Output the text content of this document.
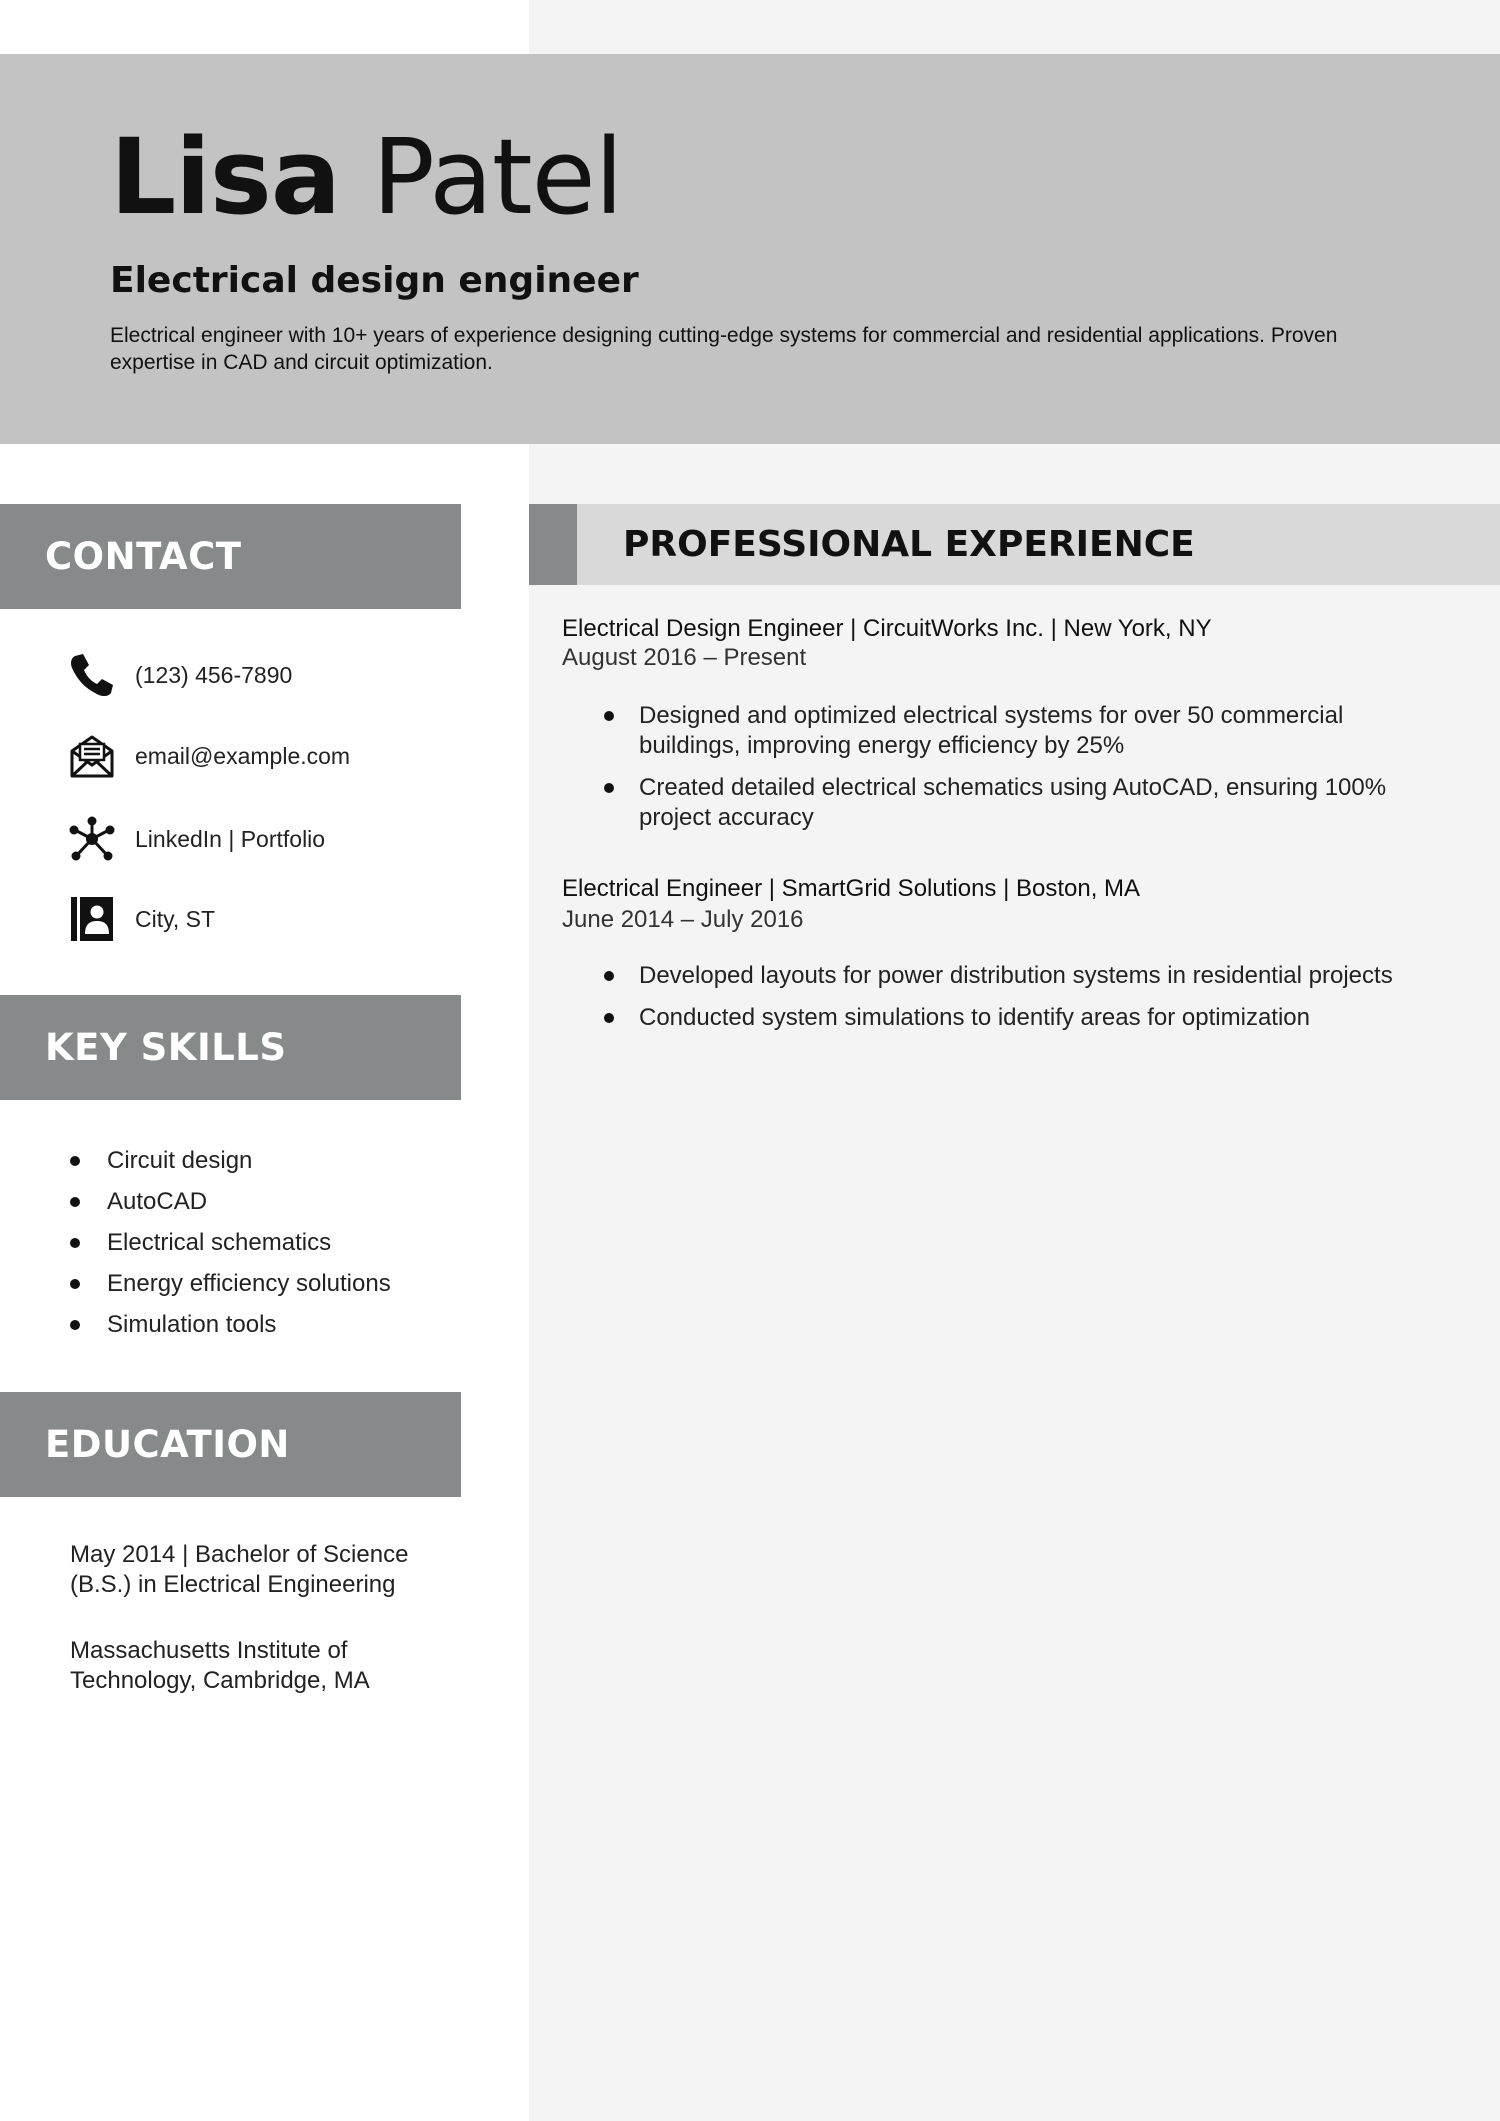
Lisa Patel
Electrical design engineer
Electrical engineer with 10+ years of experience designing cutting-edge systems for commercial and residential applications. Proven expertise in CAD and circuit optimization.
CONTACT
(123) 456-7890
email@example.com
LinkedIn | Portfolio
City, ST
KEY SKILLS
Circuit design
AutoCAD
Electrical schematics
Energy efficiency solutions
Simulation tools
EDUCATION
May 2014 | Bachelor of Science (B.S.) in Electrical Engineering
Massachusetts Institute of Technology, Cambridge, MA
PROFESSIONAL EXPERIENCE
Electrical Design Engineer | CircuitWorks Inc. | New York, NY
August 2016 – Present
Designed and optimized electrical systems for over 50 commercial buildings, improving energy efficiency by 25%
Created detailed electrical schematics using AutoCAD, ensuring 100% project accuracy
Electrical Engineer | SmartGrid Solutions | Boston, MA
June 2014 – July 2016
Developed layouts for power distribution systems in residential projects
Conducted system simulations to identify areas for optimization
